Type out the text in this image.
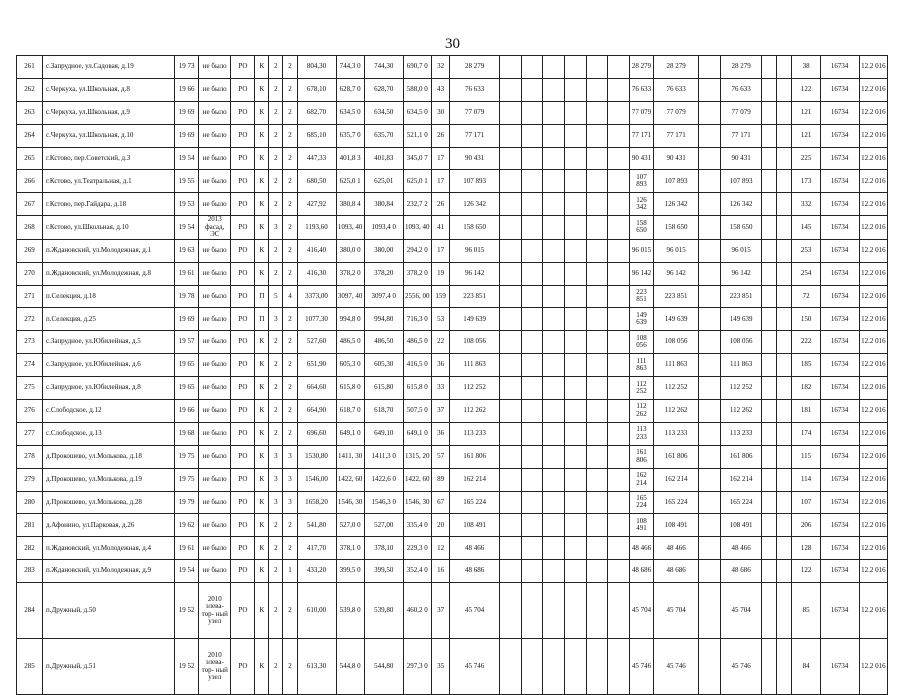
30
261	с.Запрудное, ул.Садовая, д.19	19 73	не было	РО	К	2	2	804,30	744,3 0	744,30	690,7 0	32	28 279							28 279	28 279		28 279			38	16734	12.2 016
262	с.Черкуха, ул.Школьная, д.8	19 66	не было	РО	К	2	2	678,10	628,7 0	628,70	588,0 0	43	76 633							76 633	76 633		76 633			122	16734	12.2 016
263	с.Черкуха, ул.Школьная, д.9	19 69	не было	РО	К	2	2	682,70	634,5 0	634,50	634,5 0	30	77 079							77 079	77 079		77 079			121	16734	12.2 016
264	с.Черкуха, ул.Школьная, д.10	19 69	не было	РО	К	2	2	685,10	635,7 0	635,70	521,1 0	26	77 171							77 171	77 171		77 171			121	16734	12.2 016
265	г.Кстово, пер.Советский, д.3	19 54	не было	РО	К	2	2	447,33	401,8 3	401,83	345,0 7	17	90 431							90 431	90 431		90 431			225	16734	12.2 016
266	г.Кстово, ул.Театральная, д.1	19 55	не было	РО	К	2	2	680,50	625,0 1	625,01	625,0 1	17	107 893							107 893	107 893		107 893			173	16734	12.2 016
267	г.Кстово, пер.Гайдара, д.18	19 53	не было	РО	К	2	2	427,92	380,8 4	380,84	232,7 2	26	126 342							126 342	126 342		126 342			332	16734	12.2 016
268	г.Кстово, ул.Школьная, д.10	19 54	2013 фасад, ЭС	РО	К	3	2	1193,60	1093, 40	1093,4 0	1093, 40	41	158 650							158 650	158 650		158 650			145	16734	12.2 016
269	п.Ждановский, ул.Молодежная, д.1	19 63	не было	РО	К	2	2	416,40	380,0 0	380,00	294,2 0	17	96 015							96 015	96 015		96 015			253	16734	12.2 016
270	п.Ждановский, ул.Молодежная, д.8	19 61	не было	РО	К	2	2	416,30	378,2 0	378,20	378,2 0	19	96 142							96 142	96 142		96 142			254	16734	12.2 016
271	п.Селекция, д.18	19 78	не было	РО	П	5	4	3373,00	3097, 40	3097,4 0	2556, 00	159	223 851							223 851	223 851		223 851			72	16734	12.2 016
272	п.Селекция, д.25	19 69	не было	РО	П	3	2	1077,30	994,8 0	994,80	716,3 0	53	149 639							149 639	149 639		149 639			150	16734	12.2 016
273	с.Запрудное, ул.Юбилейная, д.5	19 57	не было	РО	К	2	2	527,60	486,5 0	486,50	486,5 0	22	108 056							108 056	108 056		108 056			222	16734	12.2 016
274	с.Запрудное, ул.Юбилейная, д.6	19 65	не было	РО	К	2	2	651,90	605,3 0	605,30	416,5 0	36	111 863							111 863	111 863		111 863			185	16734	12.2 016
275	с.Запрудное, ул.Юбилейная, д.8	19 65	не было	РО	К	2	2	664,60	615,8 0	615,80	615,8 0	33	112 252							112 252	112 252		112 252			182	16734	12.2 016
276	с.Слободское, д.12	19 66	не было	РО	К	2	2	664,90	618,7 0	618,70	507,5 0	37	112 262							112 262	112 262		112 262			181	16734	12.2 016
277	с.Слободское, д.13	19 68	не было	РО	К	2	2	696,60	649,1 0	649,10	649,1 0	36	113 233							113 233	113 233		113 233			174	16734	12.2 016
278	д.Прокошево, ул.Молькова, д.18	19 75	не было	РО	К	3	3	1530,80	1411, 30	1411,3 0	1315, 20	57	161 806							161 806	161 806		161 806			115	16734	12.2 016
279	д.Прокошево, ул.Молькова, д.19	19 75	не было	РО	К	3	3	1546,00	1422, 60	1422,6 0	1422, 60	89	162 214							162 214	162 214		162 214			114	16734	12.2 016
280	д.Прокошево, ул.Молькова, д.28	19 79	не было	РО	К	3	3	1658,20	1546, 30	1546,3 0	1546, 30	67	165 224							165 224	165 224		165 224			107	16734	12.2 016
281	д.Афонино, ул.Парковая, д.26	19 62	не было	РО	К	2	2	541,80	527,0 0	527,00	335,4 0	20	108 491							108 491	108 491		108 491			206	16734	12.2 016
282	п.Ждановский, ул.Молодежная, д.4	19 61	не было	РО	К	2	2	417,70	378,1 0	378,10	229,3 0	12	48 466							48 466	48 466		48 466			128	16734	12.2 016
283	п.Ждановский, ул.Молодежная, д.9	19 54	не было	РО	К	2	1	433,20	399,5 0	399,50	352,4 0	16	48 686							48 686	48 686		48 686			122	16734	12.2 016
284	п.Дружный, д.50	19 52	2010 элева- тор- ный узел	РО	К	2	2	610,00	539,8 0	539,80	460,2 0	37	45 704							45 704	45 704		45 704			85	16734	12.2 016
285	п.Дружный, д.51	19 52	2010 элева- тор- ный узел	РО	К	2	2	613,30	544,8 0	544,80	297,3 0	35	45 746							45 746	45 746		45 746			84	16734	12.2 016
